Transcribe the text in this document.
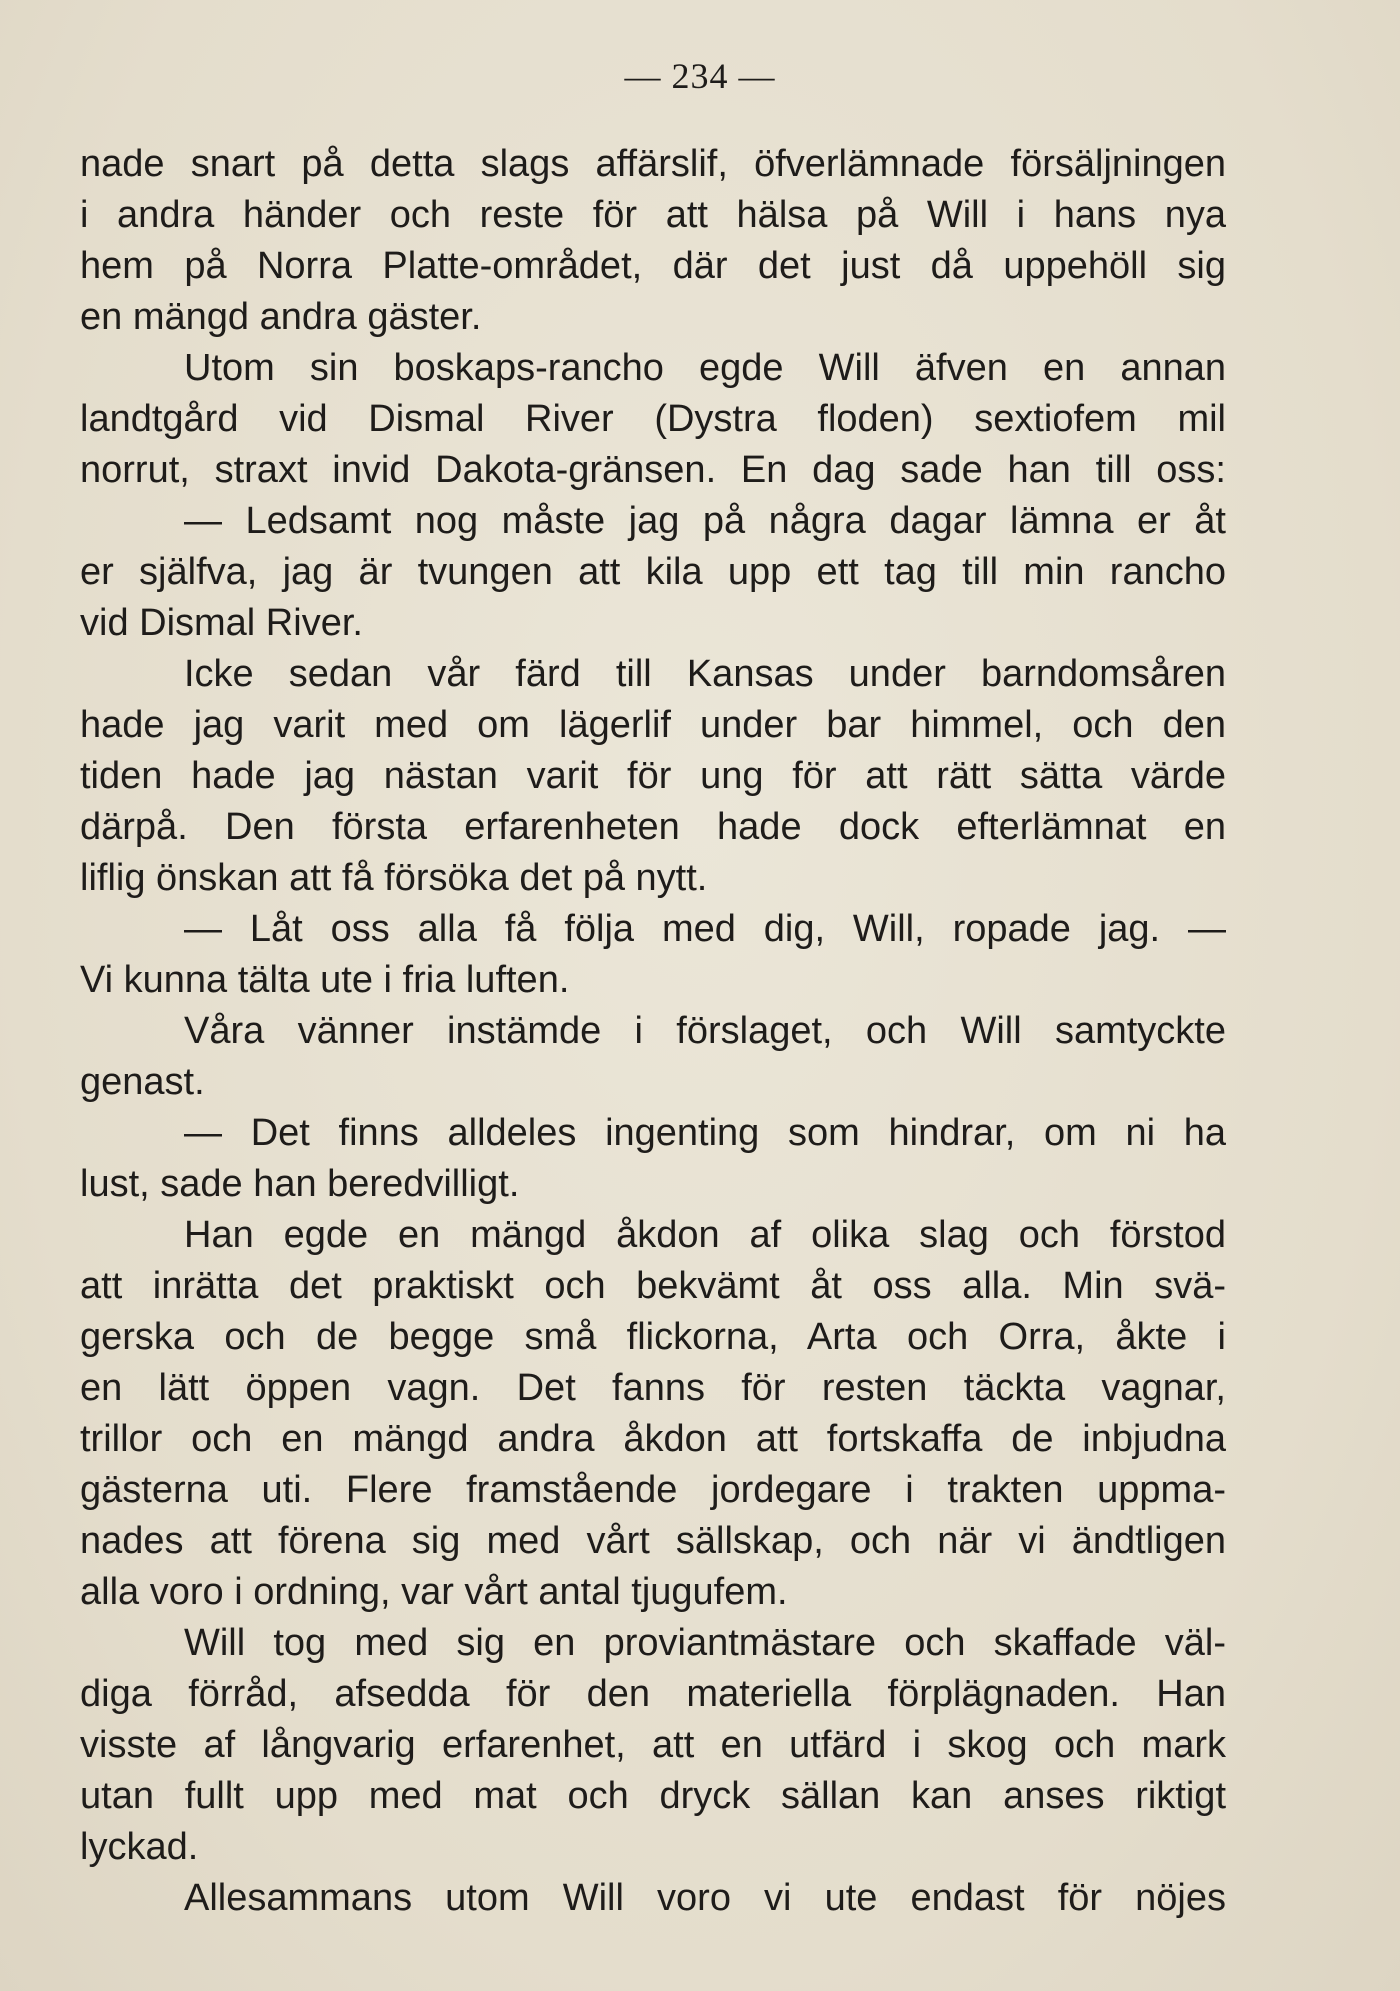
— 234 —
nade snart på detta slags affärslif, öfverlämnade försäljningen
i andra händer och reste för att hälsa på Will i hans nya
hem på Norra Platte-området, där det just då uppehöll sig
en mängd andra gäster.
Utom sin boskaps-rancho egde Will äfven en annan
landtgård vid Dismal River (Dystra floden) sextiofem mil
norrut, straxt invid Dakota-gränsen. En dag sade han till oss:
— Ledsamt nog måste jag på några dagar lämna er åt
er själfva, jag är tvungen att kila upp ett tag till min rancho
vid Dismal River.
Icke sedan vår färd till Kansas under barndomsåren
hade jag varit med om lägerlif under bar himmel, och den
tiden hade jag nästan varit för ung för att rätt sätta värde
därpå. Den första erfarenheten hade dock efterlämnat en
liflig önskan att få försöka det på nytt.
— Låt oss alla få följa med dig, Will, ropade jag. —
Vi kunna tälta ute i fria luften.
Våra vänner instämde i förslaget, och Will samtyckte
genast.
— Det finns alldeles ingenting som hindrar, om ni ha
lust, sade han beredvilligt.
Han egde en mängd åkdon af olika slag och förstod
att inrätta det praktiskt och bekvämt åt oss alla. Min svä-
gerska och de begge små flickorna, Arta och Orra, åkte i
en lätt öppen vagn. Det fanns för resten täckta vagnar,
trillor och en mängd andra åkdon att fortskaffa de inbjudna
gästerna uti. Flere framstående jordegare i trakten uppma-
nades att förena sig med vårt sällskap, och när vi ändtligen
alla voro i ordning, var vårt antal tjugufem.
Will tog med sig en proviantmästare och skaffade väl-
diga förråd, afsedda för den materiella förplägnaden. Han
visste af långvarig erfarenhet, att en utfärd i skog och mark
utan fullt upp med mat och dryck sällan kan anses riktigt
lyckad.
Allesammans utom Will voro vi ute endast för nöjes
